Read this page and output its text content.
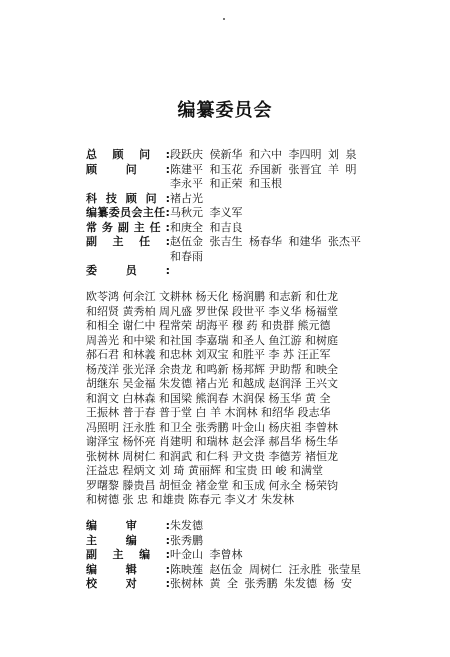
编纂委员会
总 顾 问 : 段跃庆 侯新华 和六中 李四明 刘 泉
顾	问	: 陈建平 和玉花 乔国新 张晋宜 羊 明
李永平 和正荣 和玉根
科 技 顾 问 : 褚占光
编 纂 委 员 会 主 任 : 马秋元 李义军
常 务 副 主 任 : 和庚全 和吉良
副 主 任 : 赵伍金 张吉生 杨春华 和建华 张杰平
和春雨
委	员	:
欧苓鸿 何余江 文耕林 杨天化 杨润鹏 和志新 和仕龙
和绍贤 黄秀柏 周凡盛 罗世保 段世平 李义华 杨福堂
和相全 谢仁中 程常荣 胡海平 穆 药 和贵群 熊元德
周善光 和中梁 和社国 李嘉瑞 和圣人 鱼江游 和树庭
郝石君 和林義 和忠林 刘双宝 和胜平 李 苏 汪正军
杨茂洋 张光泽 余贵龙 和鸣新 杨邦辉 尹助帮 和映全
胡继东 吴金福 朱发德 褚占光 和越成 赵润泽 王兴文
和润文 白林森 和国梁 熊润春 木润保 杨玉华 黄 全
王振林 普于春 普于堂 白 羊 木润林 和绍华 段志华
冯照明 汪永胜 和卫全 张秀鹏 叶金山 杨庆祖 李曾林
谢泽宝 杨怀亮 肖建明 和瑞林 赵会泽 郝昌华 杨生华
张树林 周树仁 和润武 和仁科 尹文贵 李德芳 褚恒龙
汪益忠 程炳文 刘 琦 黄丽辉 和宝贵 田 峻 和满堂
罗曙黎 滕贵昌 胡恒金 褚金堂 和玉成 何永全 杨荣钧
和树德 张 忠 和雄贵 陈春元 李义才 朱发林
编	审	: 朱发德
主	编	: 张秀鹏
副 主 编 : 叶金山 李曾林
编	辑	: 陈映莲 赵伍金 周树仁 汪永胜 张莹星
校	对	: 张树林 黄 全 张秀鹏 朱发德 杨 安
